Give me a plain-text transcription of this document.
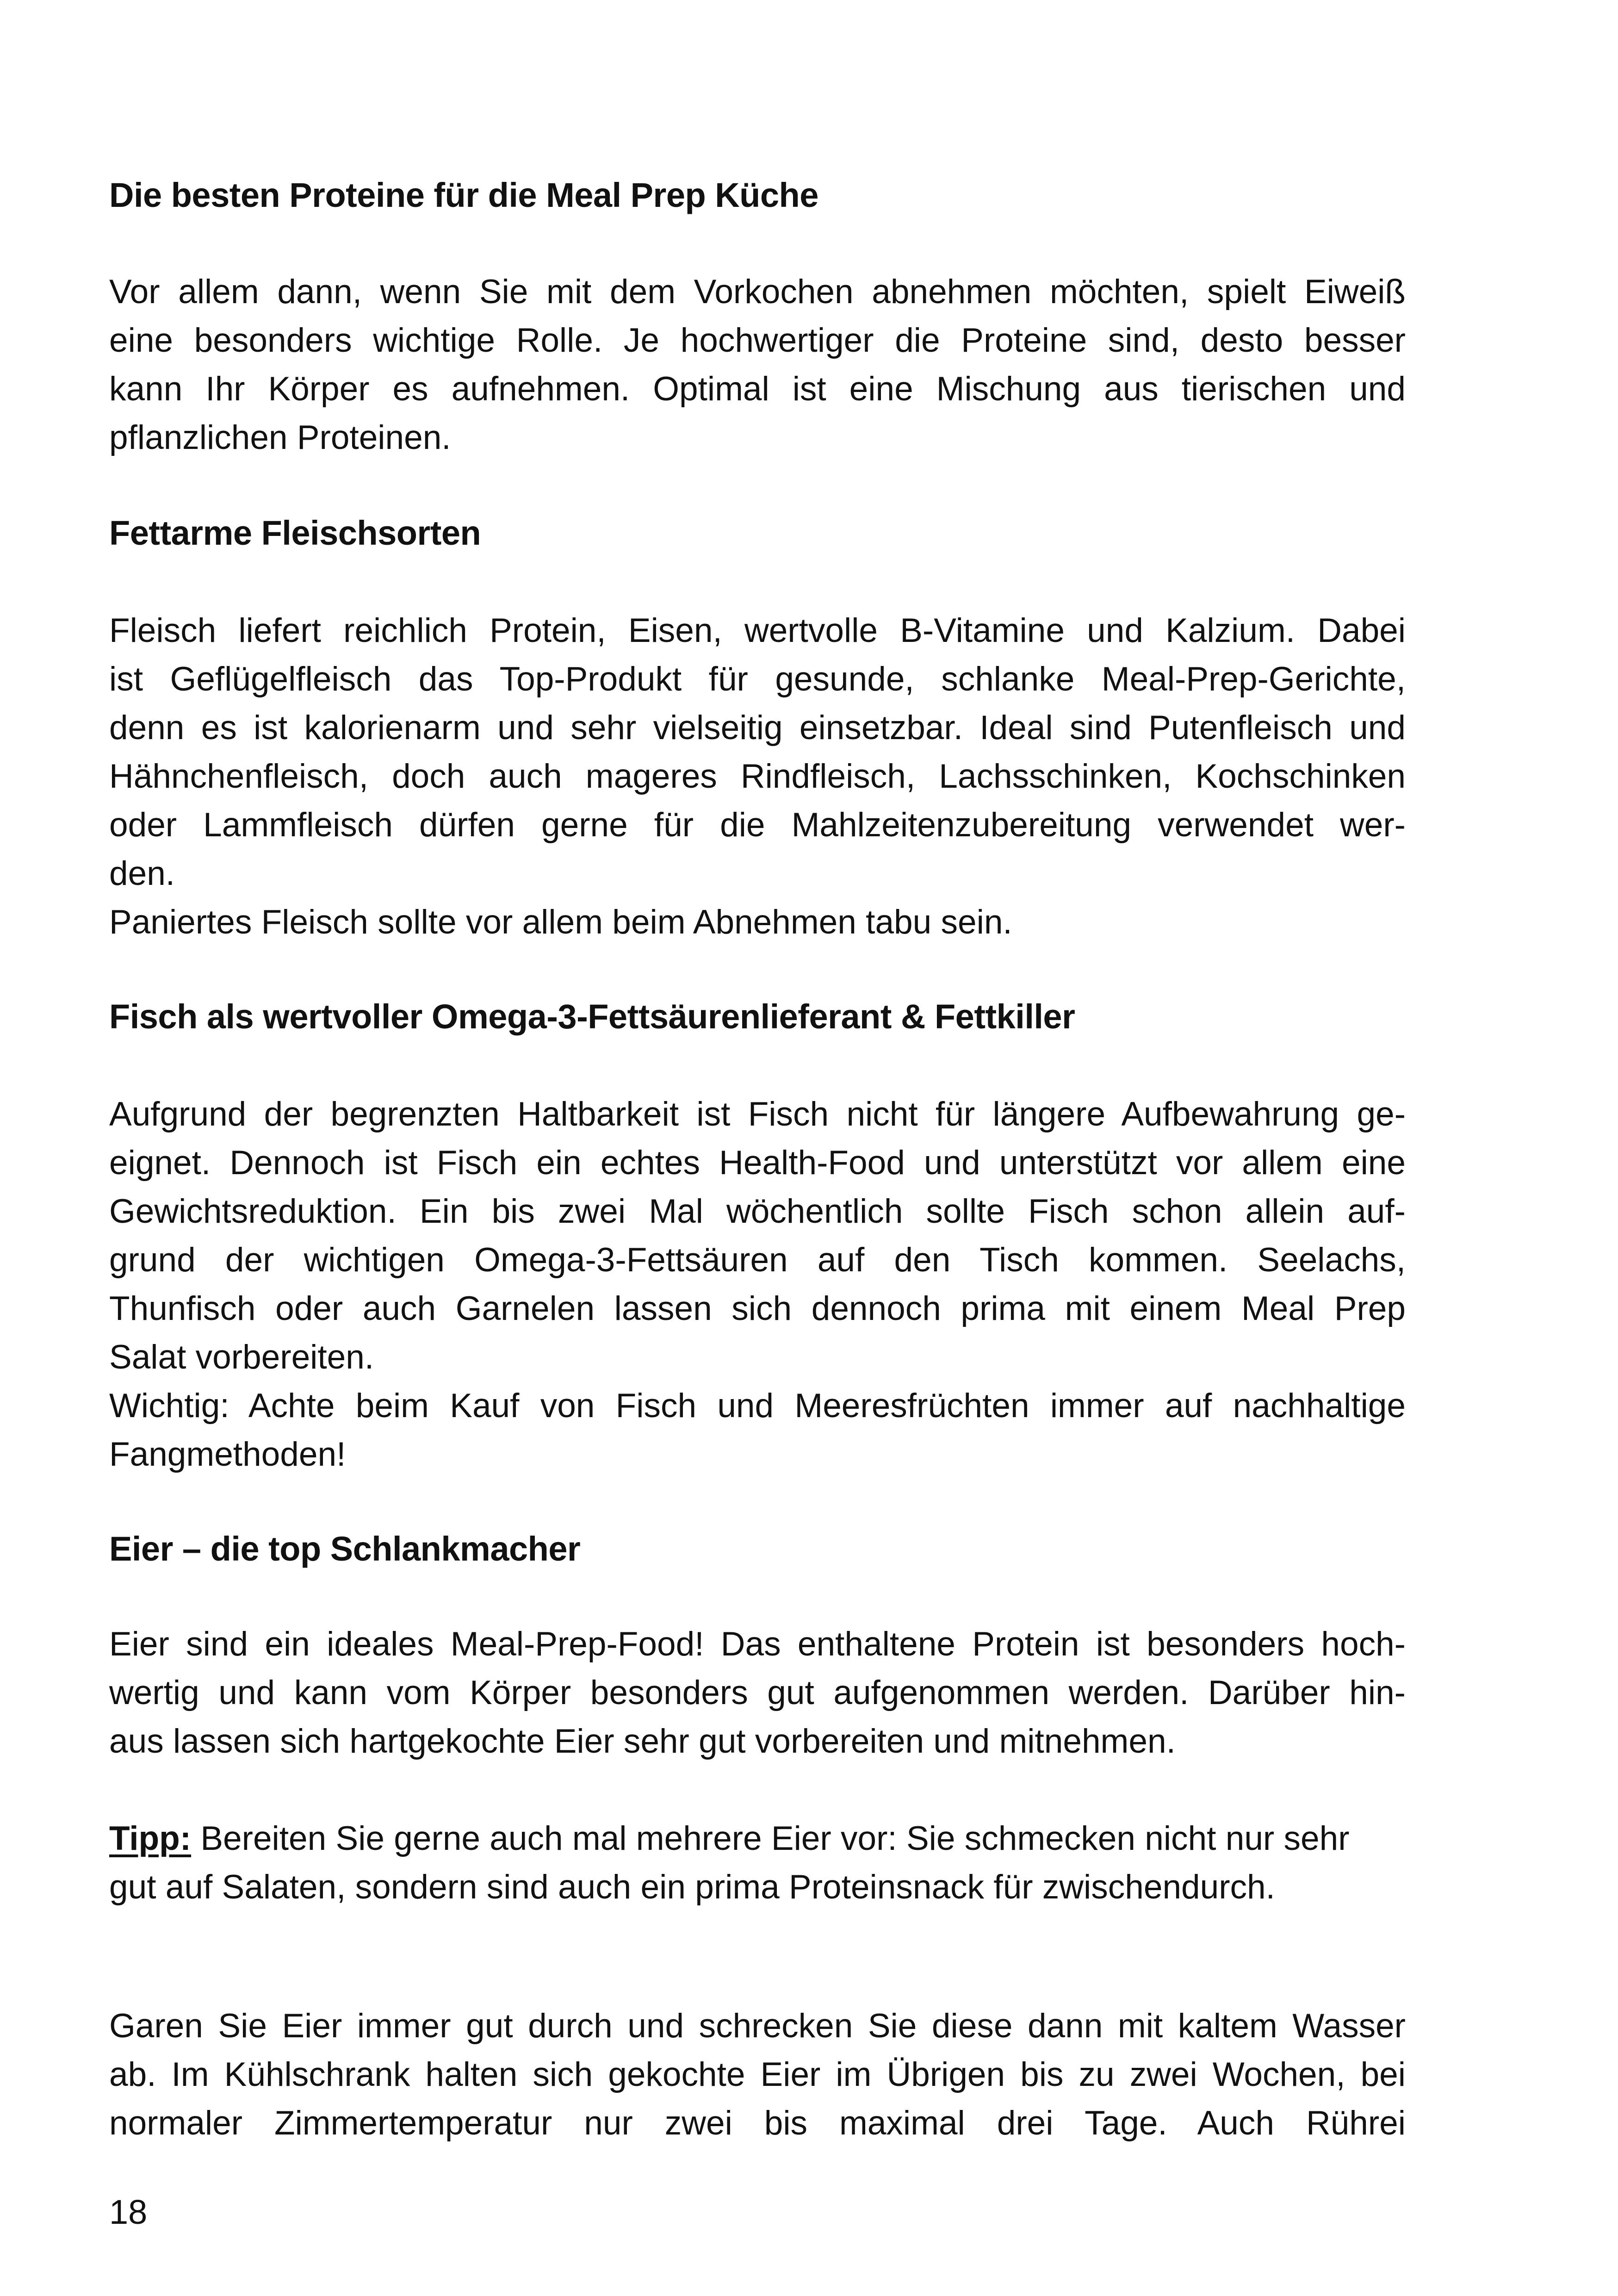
Die besten Proteine für die Meal Prep Küche

Vor allem dann, wenn Sie mit dem Vorkochen abnehmen möchten, spielt Eiweiß
eine besonders wichtige Rolle. Je hochwertiger die Proteine sind, desto besser
kann Ihr Körper es aufnehmen. Optimal ist eine Mischung aus tierischen und
pflanzlichen Proteinen.

Fettarme Fleischsorten

Fleisch liefert reichlich Protein, Eisen, wertvolle B-Vitamine und Kalzium. Dabei
ist Geflügelfleisch das Top-Produkt für gesunde, schlanke Meal-Prep-Gerichte,
denn es ist kalorienarm und sehr vielseitig einsetzbar. Ideal sind Putenfleisch und
Hähnchenfleisch, doch auch mageres Rindfleisch, Lachsschinken, Kochschinken
oder Lammfleisch dürfen gerne für die Mahlzeitenzubereitung verwendet wer-
den.
Paniertes Fleisch sollte vor allem beim Abnehmen tabu sein.

Fisch als wertvoller Omega-3-Fettsäurenlieferant & Fettkiller

Aufgrund der begrenzten Haltbarkeit ist Fisch nicht für längere Aufbewahrung ge-
eignet. Dennoch ist Fisch ein echtes Health-Food und unterstützt vor allem eine
Gewichtsreduktion. Ein bis zwei Mal wöchentlich sollte Fisch schon allein auf-
grund der wichtigen Omega-3-Fettsäuren auf den Tisch kommen. Seelachs,
Thunfisch oder auch Garnelen lassen sich dennoch prima mit einem Meal Prep
Salat vorbereiten.
Wichtig: Achte beim Kauf von Fisch und Meeresfrüchten immer auf nachhaltige
Fangmethoden!

Eier – die top Schlankmacher

Eier sind ein ideales Meal-Prep-Food! Das enthaltene Protein ist besonders hoch-
wertig und kann vom Körper besonders gut aufgenommen werden. Darüber hin-
aus lassen sich hartgekochte Eier sehr gut vorbereiten und mitnehmen.

Tipp: Bereiten Sie gerne auch mal mehrere Eier vor: Sie schmecken nicht nur sehr
gut auf Salaten, sondern sind auch ein prima Proteinsnack für zwischendurch.

Garen Sie Eier immer gut durch und schrecken Sie diese dann mit kaltem Wasser
ab. Im Kühlschrank halten sich gekochte Eier im Übrigen bis zu zwei Wochen, bei
normaler Zimmertemperatur nur zwei bis maximal drei Tage. Auch Rührei

18
